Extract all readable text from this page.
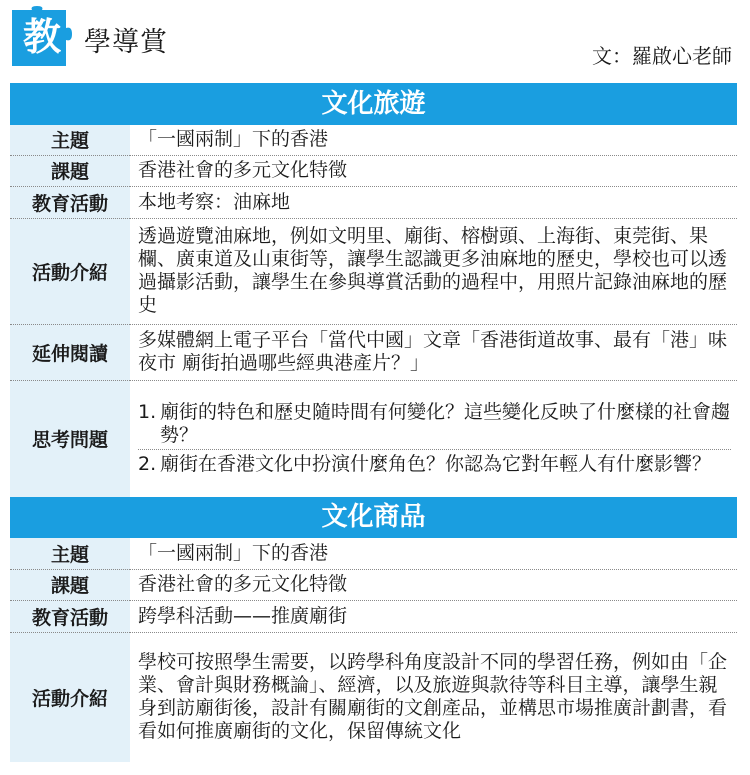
教 學導賞	文：羅啟心老師
文化旅遊
主題	「一國兩制」下的香港
課題	香港社會的多元文化特徵
教育活動	本地考察：油麻地
活動介紹	透過遊覽油麻地，例如文明里、廟街、榕樹頭、上海街、東莞街、果欄、廣東道及山東街等，讓學生認識更多油麻地的歷史，學校也可以透過攝影活動，讓學生在參與導賞活動的過程中，用照片記錄油麻地的歷史
延伸閱讀	多媒體網上電子平台「當代中國」文章「香港街道故事、最有「港」味夜市 廟街拍過哪些經典港產片？」
思考問題	1. 廟街的特色和歷史隨時間有何變化？這些變化反映了什麼樣的社會趨勢？
2. 廟街在香港文化中扮演什麼角色？你認為它對年輕人有什麼影響？
文化商品
主題	「一國兩制」下的香港
課題	香港社會的多元文化特徵
教育活動	跨學科活動——推廣廟街
活動介紹	學校可按照學生需要，以跨學科角度設計不同的學習任務，例如由「企業、會計與財務概論」、經濟，以及旅遊與款待等科目主導，讓學生親身到訪廟街後，設計有關廟街的文創產品，並構思市場推廣計劃書，看看如何推廣廟街的文化，保留傳統文化
